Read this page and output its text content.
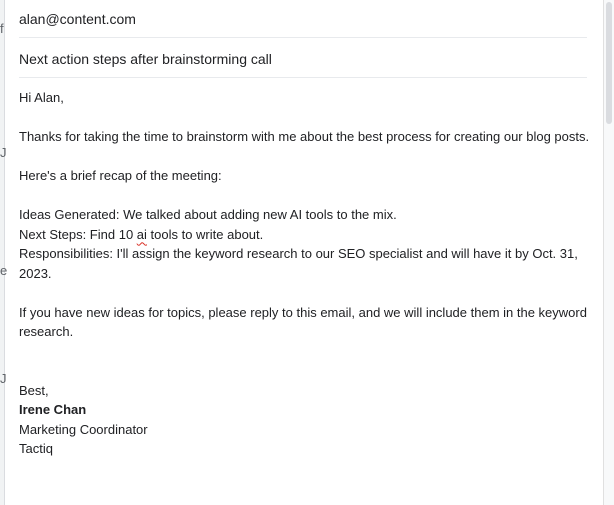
f
J
e
J
alan@content.com
Next action steps after brainstorming call

Hi Alan,

Thanks for taking the time to brainstorm with me about the best process for creating our blog posts.

Here's a brief recap of the meeting:

Ideas Generated: We talked about adding new AI tools to the mix.

Next Steps: Find 10 ai tools to write about.

Responsibilities: I'll assign the keyword research to our SEO specialist and will have it by Oct. 31, 2023.

If you have new ideas for topics, please reply to this email, and we will include them in the keyword research.

Best,

Irene Chan

Marketing Coordinator

Tactiq
